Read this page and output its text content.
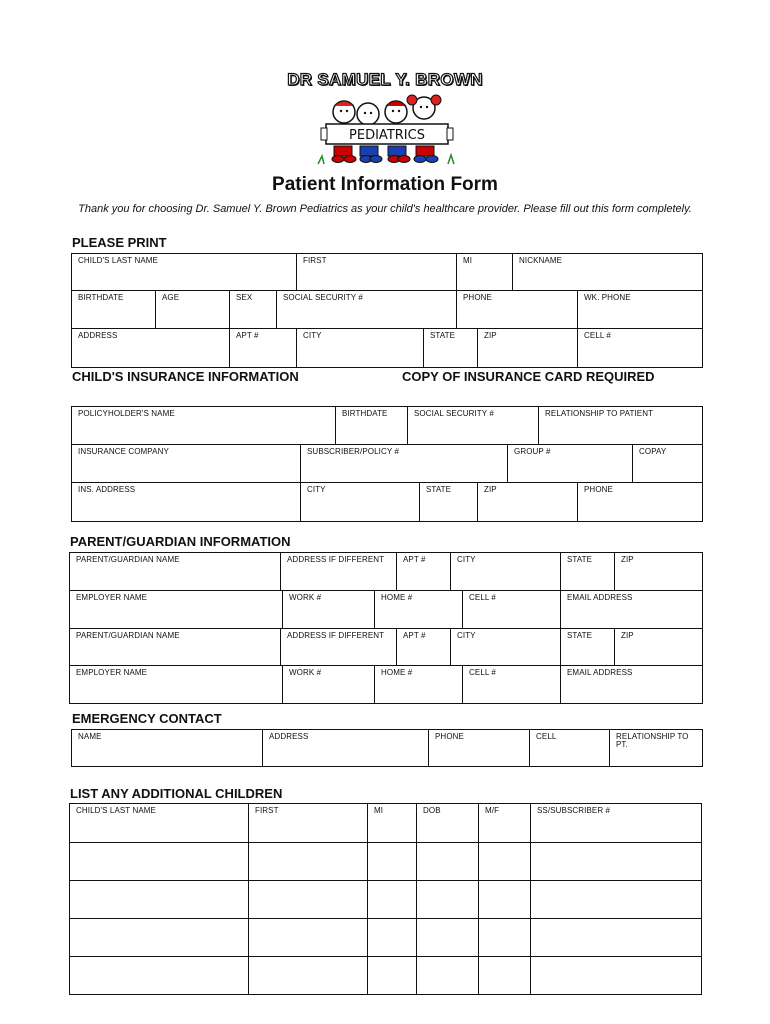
DR SAMUEL Y. BROWN
PEDIATRICS
Patient Information Form
Thank you for choosing Dr. Samuel Y. Brown Pediatrics as your child's healthcare provider. Please fill out this form completely.
PLEASE PRINT
CHILD'S LAST NAME	FIRST	MI	NICKNAME
BIRTHDATE	AGE	SEX	SOCIAL SECURITY #	PHONE	WK. PHONE
ADDRESS	APT #	CITY	STATE	ZIP	CELL #
CHILD'S INSURANCE INFORMATION	COPY OF INSURANCE CARD REQUIRED
POLICYHOLDER'S NAME	BIRTHDATE	SOCIAL SECURITY #	RELATIONSHIP TO PATIENT
INSURANCE COMPANY	SUBSCRIBER/POLICY #	GROUP #	COPAY
INS. ADDRESS	CITY	STATE	ZIP	PHONE
PARENT/GUARDIAN INFORMATION
PARENT/GUARDIAN NAME	ADDRESS IF DIFFERENT	APT #	CITY	STATE	ZIP
EMPLOYER NAME	WORK #	HOME #	CELL #	EMAIL ADDRESS
PARENT/GUARDIAN NAME	ADDRESS IF DIFFERENT	APT #	CITY	STATE	ZIP
EMPLOYER NAME	WORK #	HOME #	CELL #	EMAIL ADDRESS
EMERGENCY CONTACT
NAME	ADDRESS	PHONE	CELL	RELATIONSHIP TO PT.
LIST ANY ADDITIONAL CHILDREN
CHILD'S LAST NAME	FIRST	MI	DOB	M/F	SS/SUBSCRIBER #
